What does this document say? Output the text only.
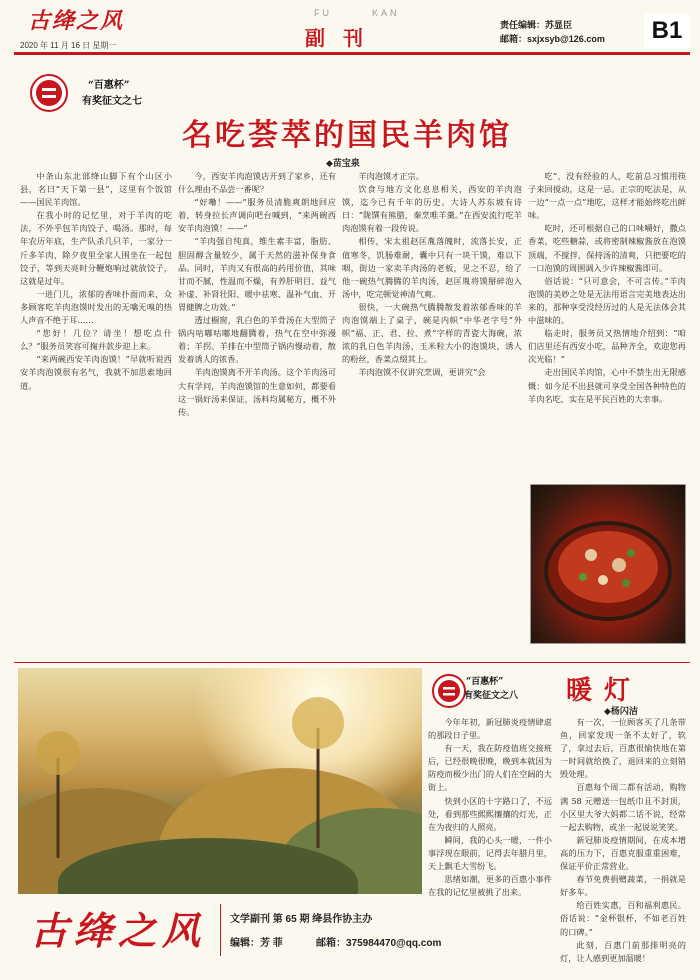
古绛之风
2020 年 11 月 16 日 星期一
FU	KAN
副刊
责任编辑：苏显臣
邮箱：sxjxsyb@126.com	B1
“百惠杯”
有奖征文之七
名吃荟萃的国民羊肉馆
◆苗宝泉

中条山东北部绛山脚下有个山区小县，名曰“天下第一县”，这里有个饭馆——国民羊肉馆。

在我小时的记忆里，对于羊肉的吃法，不外乎包羊肉饺子、喝汤。那时，每年农历年底，生产队杀几只羊，一家分一斤多羊肉，除夕夜里全家人围坐在一起包饺子，等到天亮时分鞭炮响过就放饺子，这就是过年。

一进门儿，浓郁的香味扑面而来，众多顾客吃羊肉泡馍时发出的无噙无嗅的热人声音不绝于耳……

“您好！几位？请坐！想吃点什么？”服务员笑容可掬并款步迎上来。

“来两碗西安羊肉泡馍！”早就听说西安羊肉泡馍很有名气，我就不加思索地回道。

今，西安羊肉泡馍店开到了家乡，还有什么理由不品尝一番呢？

“好嘞！——”服务员清脆爽朗地回应着，转身拉长声调向吧台喊到，“来两碗西安羊肉泡馍！——”

“羊肉强自纯真，维生素丰富，脂肪、胆固醇含量较少，属于天然的滋补保身食品。同时，羊肉又有很高的药用价值，其味甘而不腻，性温而不燥，有养肝明目、益气补虚、补肾壮阳、暖中祛寒、温补气血、开胃健脾之功效。”

透过橱窗，乳白色的羊骨汤在大型筒子锅内咕嘟咕嘟地翻腾着，热气在空中弥漫着；羊拐、羊排在中型筒子锅内慢动着，散发着诱人的浓香。

羊肉泡馍离不开羊肉汤。这个羊肉汤可大有学问，羊肉泡馍馆的生意如何，都要看这一锅好汤来保证，汤料均属秘方，概不外传。

羊肉泡馍才正宗。

饮食与地方文化息息相关，西安的羊肉泡馍，迄今已有千年的历史。大诗人苏东坡有诗曰：“陇馔有熊腊，秦烹唯羊羹。”在西安流行吃羊肉泡馍有着一段传说。

相传，宋太祖赵匡胤落魄时，流落长安，正值寒冬，饥肠难耐，囊中只有一块干馍，难以下咽，街边一家卖羊肉汤的老板，见之不忍，给了他一碗热气腾腾的羊肉汤，赵匡胤将馍掰碎泡入汤中，吃完顿觉神清气爽。

很快，一大碗热气腾腾散发着浓郁香味的羊肉泡馍端上了桌子，碗是内帜“中华老字号”外帜“福、正、君、拉、煮”字样的青瓷大海碗，浓浓的乳白色羊肉汤，玉米粒大小的泡馍块，诱人的粉丝，香菜点缀其上。

羊肉泡馍不仅讲究烹调，更讲究“会

吃”，没有经验的人，吃前总习惯用筷子来回搅动，这是一忌。正宗的吃法是，从一边“一点一点”地吃，这样才能始终吃出鲜味。

吃时，还可根据自己的口味嚼好，撒点香菜，吃些糖蒜，或将密制辣椒酱放在泡馍顶端，不搅拌，保持汤的清爽，只把要吃的一口泡馍的周围调入少许辣椒酱即可。

俗话说：“只可意会，不可言传。”羊肉泡馍的美妙之处是无法用语言完美地表达出来的，那种享受没经历过的人是无法体会其中滋味的。

临走时，服务员又热情地介绍到：“咱们店里还有西安小吃，品种齐全，欢迎您再次光临！”

走出国民羊肉馆，心中不禁生出无限感慨：如今足不出县就可享受全国各种特色的羊肉名吃，实在是平民百姓的大幸事。

“百惠杯”
有奖征文之八 暖灯
◆杨闪洁

今年年初，新冠肺炎疫情肆虐的那段日子里。

有一天，我在防疫值班交接班后，已经很晚很晚，晚到本就因为防疫而极少出门的人们在空阔的大街上。

快到小区的十字路口了，不远处，看到那些熙熙攘攘的灯光，正在为夜归的人照亮。

瞬间，我的心头一暖，一件小事浮现在眼前，记得去年腊月里，天上飘毛大雪纷飞。

思绪如潮，更多的百惠小事件在我的记忆里被挑了出来。

有一次，一位顾客买了几条带鱼，回家发现一条不太好了，软了，拿过去后，百惠很愉快地在第一时间就给换了，退回来的立刻销毁处理。

百惠每个周二都有活动，购物满 58 元赠送一包纸巾且不封顶，小区里大爷大妈都二话不说，经常一起去购物，或坐一起说说笑笑。

新冠肺炎疫情期间，在成本增高的压力下，百惠克服重重困难，保证平价正常营业。

春节免费捐赠蔬菜，一捐就是好多车。

给百姓实惠，百和福利惠民。俗话说：“金杯银杯，不如老百姓的口碑。”

此刻，百惠门前那排明亮的灯，让人感到更加温暖！

古绛之风 文学副刊 第 65 期 绛县作协主办
编辑：芳 菲	邮箱：375984470@qq.com
